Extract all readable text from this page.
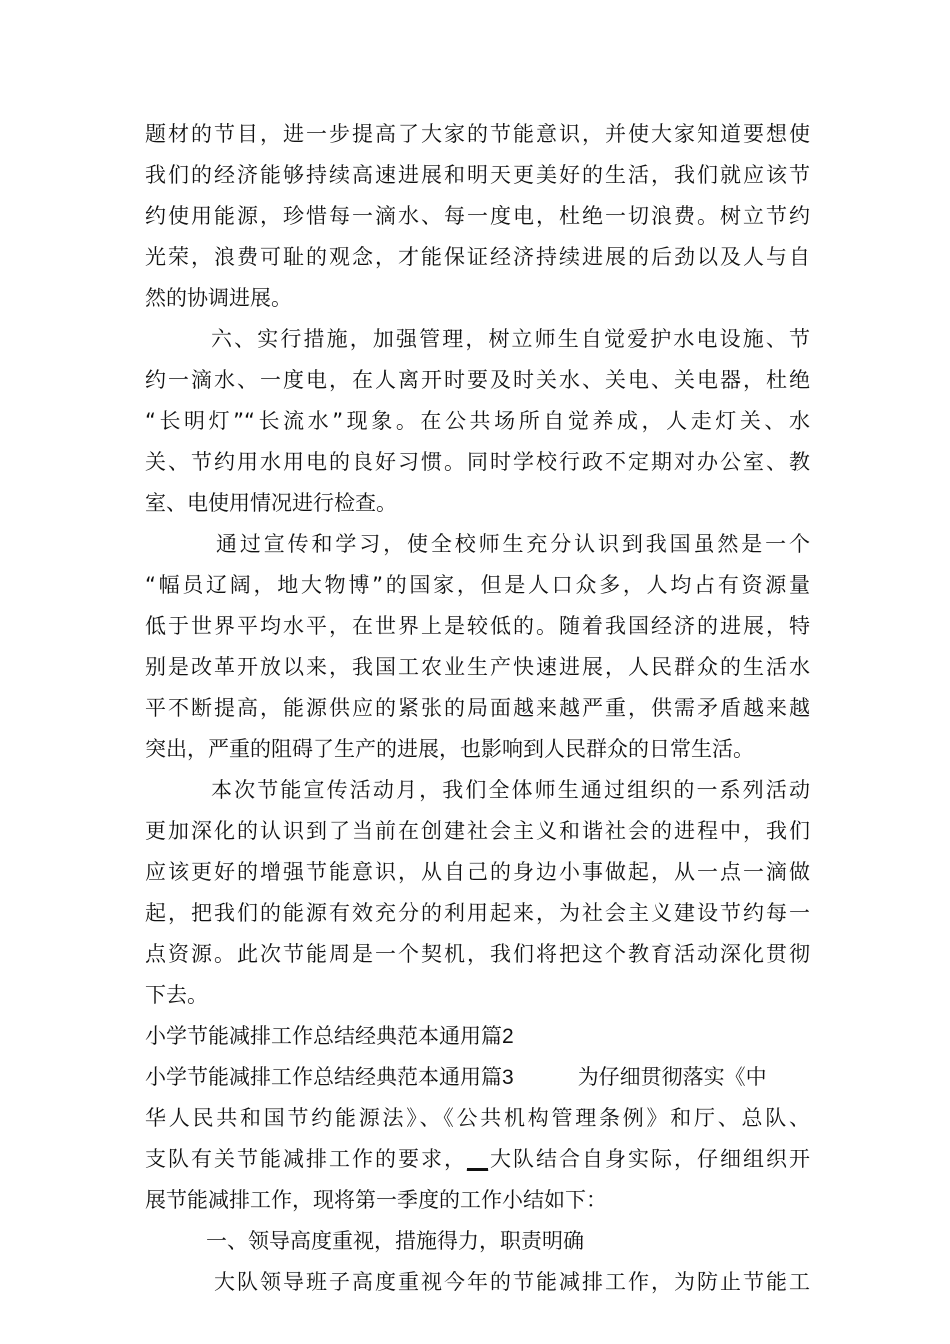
题材的节目，进一步提高了大家的节能意识，并使大家知道要想使
我们的经济能够持续高速进展和明天更美好的生活，我们就应该节
约使用能源，珍惜每一滴水、每一度电，杜绝一切浪费。树立节约
光荣，浪费可耻的观念，才能保证经济持续进展的后劲以及人与自
然的协调进展。
六、实行措施，加强管理，树立师生自觉爱护水电设施、节
约一滴水、一度电，在人离开时要及时关水、关电、关电器，杜绝
“长明灯”“长流水”现象。在公共场所自觉养成，人走灯关、水
关、节约用水用电的良好习惯。同时学校行政不定期对办公室、教
室、电使用情况进行检查。
通过宣传和学习，使全校师生充分认识到我国虽然是一个
“幅员辽阔，地大物博”的国家，但是人口众多，人均占有资源量
低于世界平均水平，在世界上是较低的。随着我国经济的进展，特
别是改革开放以来，我国工农业生产快速进展，人民群众的生活水
平不断提高，能源供应的紧张的局面越来越严重，供需矛盾越来越
突出，严重的阻碍了生产的进展，也影响到人民群众的日常生活。
本次节能宣传活动月，我们全体师生通过组织的一系列活动
更加深化的认识到了当前在创建社会主义和谐社会的进程中，我们
应该更好的增强节能意识，从自己的身边小事做起，从一点一滴做
起，把我们的能源有效充分的利用起来，为社会主义建设节约每一
点资源。此次节能周是一个契机，我们将把这个教育活动深化贯彻
下去。
小学节能减排工作总结经典范本通用篇2
小学节能减排工作总结经典范本通用篇3	为仔细贯彻落实《中
华人民共和国节约能源法》、《公共机构管理条例》和厅、总队、
支队有关节能减排工作的要求，__大队结合自身实际，仔细组织开
展节能减排工作，现将第一季度的工作小结如下：
一、领导高度重视，措施得力，职责明确
大队领导班子高度重视今年的节能减排工作，为防止节能工
